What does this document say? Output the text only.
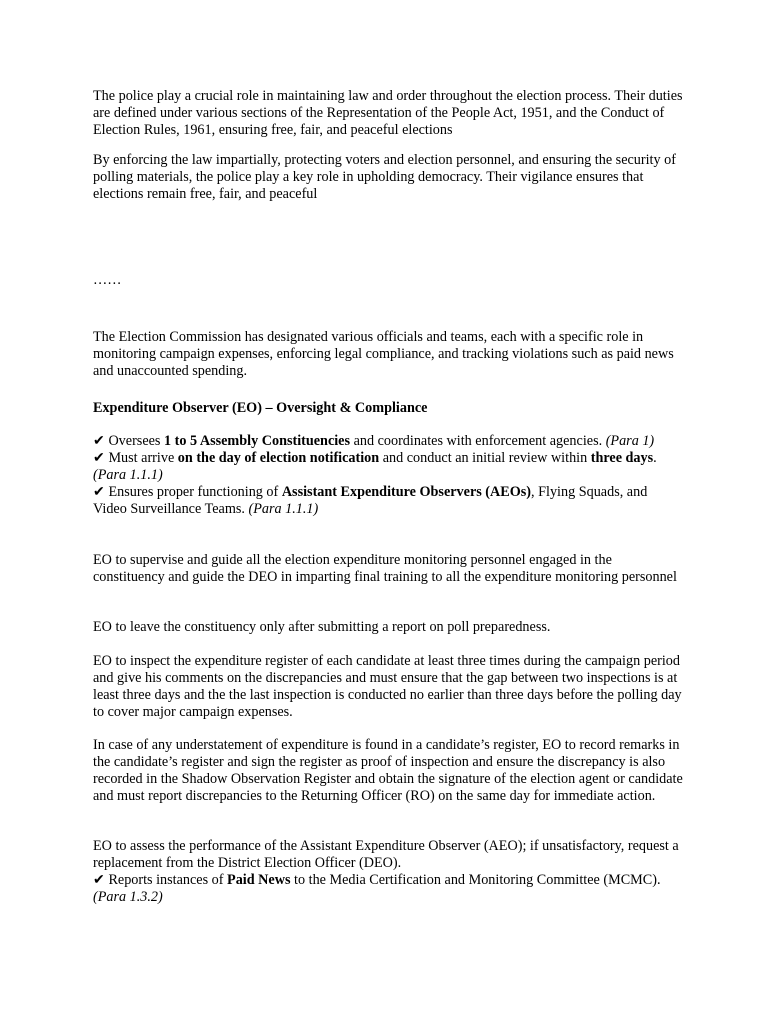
The police play a crucial role in maintaining law and order throughout the election process. Their duties are defined under various sections of the Representation of the People Act, 1951, and the Conduct of Election Rules, 1961, ensuring free, fair, and peaceful elections

By enforcing the law impartially, protecting voters and election personnel, and ensuring the security of polling materials, the police play a key role in upholding democracy. Their vigilance ensures that elections remain free, fair, and peaceful

……

The Election Commission has designated various officials and teams, each with a specific role in monitoring campaign expenses, enforcing legal compliance, and tracking violations such as paid news and unaccounted spending.

Expenditure Observer (EO) – Oversight & Compliance

✔ Oversees 1 to 5 Assembly Constituencies and coordinates with enforcement agencies. (Para 1)
✔ Must arrive on the day of election notification and conduct an initial review within three days. (Para 1.1.1)
✔ Ensures proper functioning of Assistant Expenditure Observers (AEOs), Flying Squads, and Video Surveillance Teams. (Para 1.1.1)

EO to supervise and guide all the election expenditure monitoring personnel engaged in the constituency and guide the DEO in imparting final training to all the expenditure monitoring personnel

EO to leave the constituency only after submitting a report on poll preparedness.

EO to inspect the expenditure register of each candidate at least three times during the campaign period and give his comments on the discrepancies and must ensure that the gap between two inspections is at least three days and the the last inspection is conducted no earlier than three days before the polling day to cover major campaign expenses.

In case of any understatement of expenditure is found in a candidate’s register, EO to record remarks in the candidate’s register and sign the register as proof of inspection and ensure the discrepancy is also recorded in the Shadow Observation Register and obtain the signature of the election agent or candidate and must report discrepancies to the Returning Officer (RO) on the same day for immediate action.

EO to assess the performance of the Assistant Expenditure Observer (AEO); if unsatisfactory, request a replacement from the District Election Officer (DEO).
✔ Reports instances of Paid News to the Media Certification and Monitoring Committee (MCMC). (Para 1.3.2)
